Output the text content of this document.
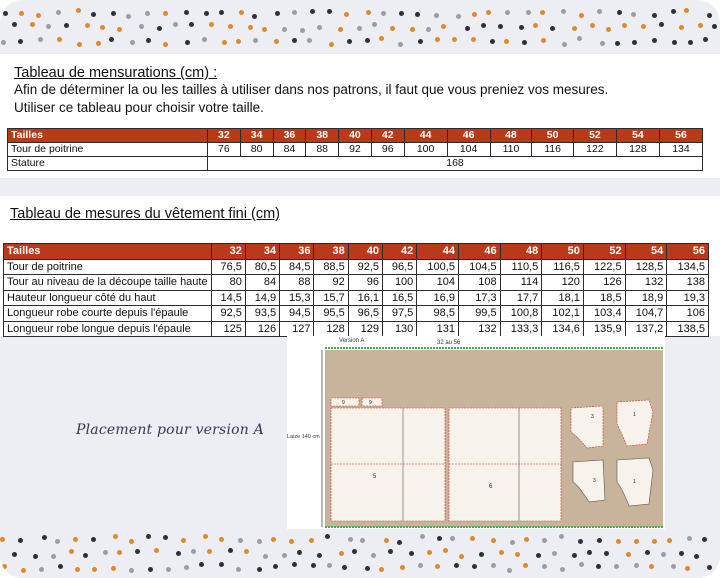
Tableau de mensurations (cm) :
Afin de déterminer la ou les tailles à utiliser dans nos patrons, il faut que vous preniez vos mesures.
Utiliser ce tableau pour choisir votre taille.
Tailles	32	34	36	38	40	42	44	46	48	50	52	54	56
Tour de poitrine	76	80	84	88	92	96	100	104	110	116	122	128	134
Stature	168												
Tableau de mesures du vêtement fini (cm)
Tailles	32	34	36	38	40	42	44	46	48	50	52	54	56
Tour de poitrine	76,5	80,5	84,5	88,5	92,5	96,5	100,5	104,5	110,5	116,5	122,5	128,5	134,5
Tour au niveau de la découpe taille haute	80	84	88	92	96	100	104	108	114	120	126	132	138
Hauteur longueur côté du haut	14,5	14,9	15,3	15,7	16,1	16,5	16,9	17,3	17,7	18,1	18,5	18,9	19,3
Longueur robe courte depuis l'épaule	92,5	93,5	94,5	95,5	96,5	97,5	98,5	99,5	100,8	102,1	103,4	104,7	106
Longueur robe longue depuis l'épaule	125	126	127	128	129	130	131	132	133,3	134,6	135,9	137,2	138,5
Placement pour version A
Version A	32 au 56
Laize 140 cm
9	9
5
6
3	1
3	1
